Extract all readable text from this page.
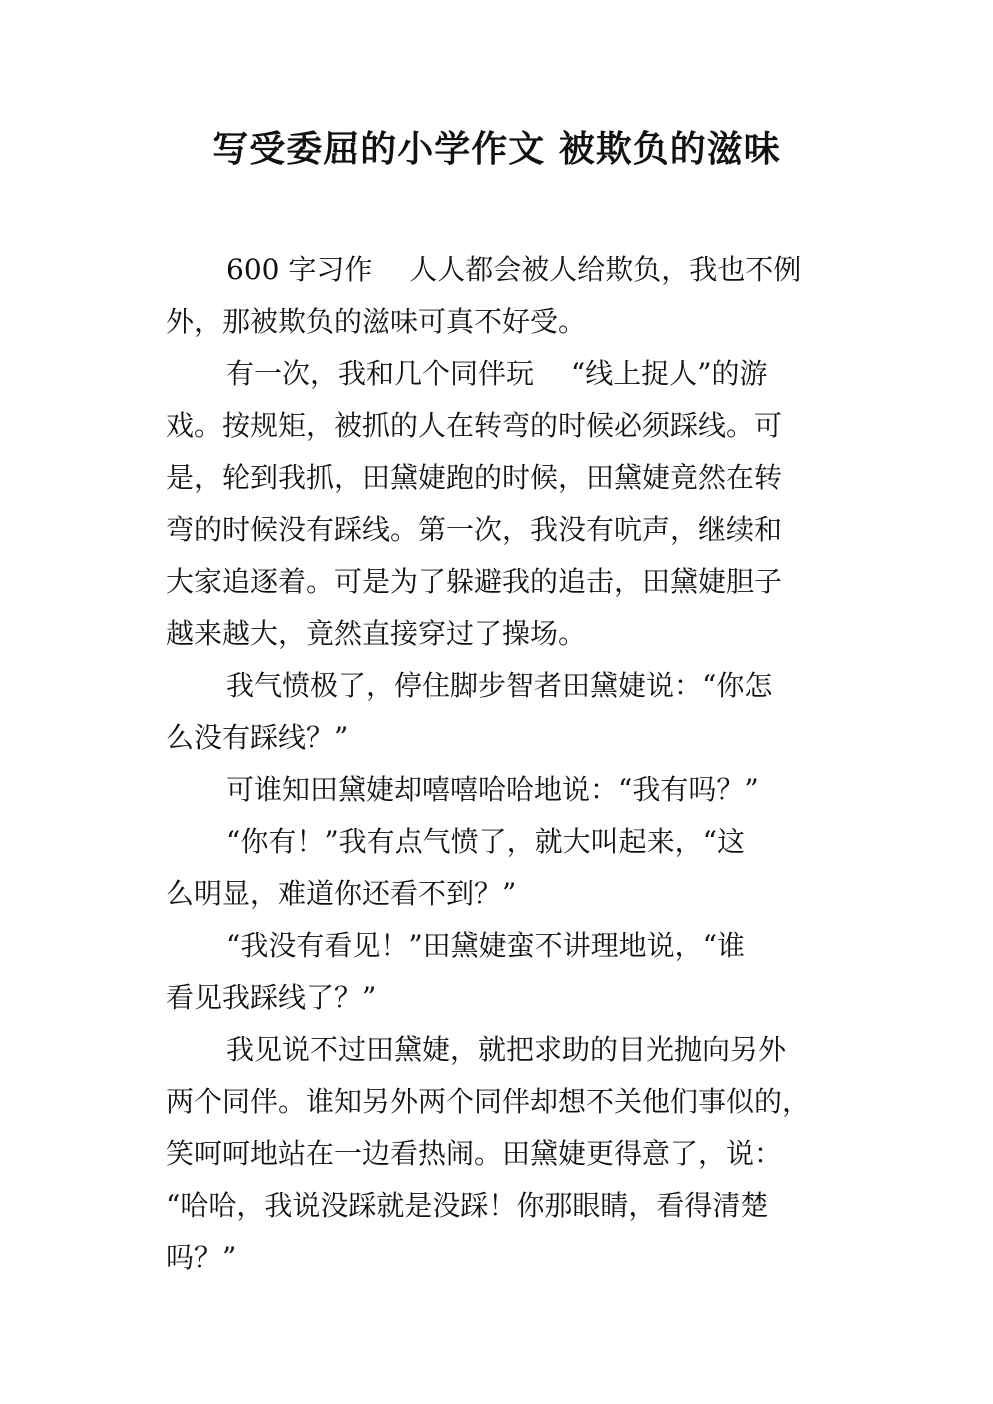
写受委屈的小学作文 被欺负的滋味
600 字习作　 人人都会被人给欺负，我也不例
外，那被欺负的滋味可真不好受。
有一次，我和几个同伴玩　 “线上捉人”的游
戏。按规矩，被抓的人在转弯的时候必须踩线。可
是，轮到我抓，田黛婕跑的时候，田黛婕竟然在转
弯的时候没有踩线。第一次，我没有吭声，继续和
大家追逐着。可是为了躲避我的追击，田黛婕胆子
越来越大，竟然直接穿过了操场。
我气愤极了，停住脚步智者田黛婕说：“你怎
么没有踩线？”
可谁知田黛婕却嘻嘻哈哈地说：“我有吗？”
“你有！”我有点气愤了，就大叫起来，“这
么明显，难道你还看不到？”
“我没有看见！”田黛婕蛮不讲理地说，“谁
看见我踩线了？”
我见说不过田黛婕，就把求助的目光抛向另外
两个同伴。谁知另外两个同伴却想不关他们事似的，
笑呵呵地站在一边看热闹。田黛婕更得意了，说：
“哈哈，我说没踩就是没踩！你那眼睛，看得清楚
吗？”
